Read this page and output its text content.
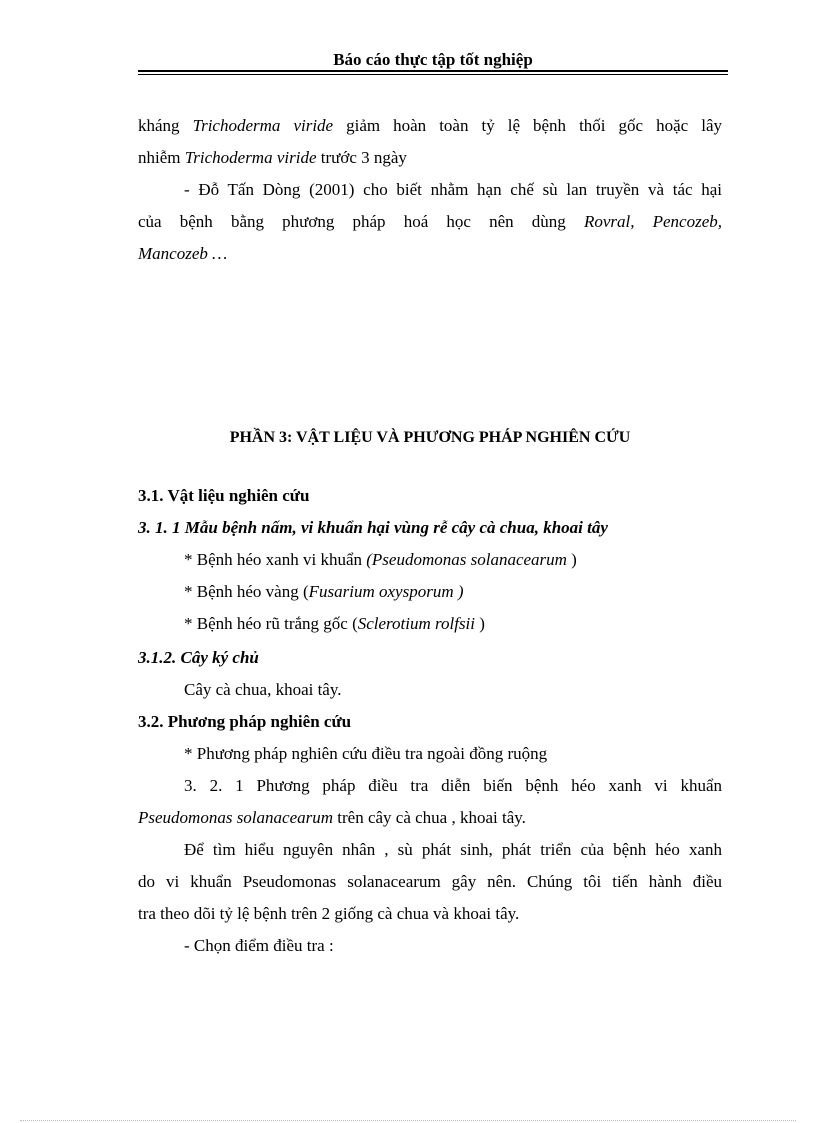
Báo cáo thực tập tốt nghiệp

kháng Trichoderma viride giảm hoàn toàn tỷ lệ bệnh thối gốc hoặc lây

nhiễm Trichoderma viride trước 3 ngày

- Đỗ Tấn Dòng (2001) cho biết nhằm hạn chế sù lan truyền và tác hại

của bệnh bằng phương pháp hoá học nên dùng Rovral, Pencozeb,

Mancozeb …

PHẦN 3: VẬT LIỆU VÀ PHƯƠNG PHÁP NGHIÊN CỨU

3.1. Vật liệu nghiên cứu

3. 1. 1 Mẫu bệnh nấm, vi khuẩn hại vùng rễ cây cà chua, khoai tây

* Bệnh héo xanh vi khuẩn (Pseudomonas solanacearum )

* Bệnh héo vàng (Fusarium oxysporum )

* Bệnh héo rũ trắng gốc (Sclerotium rolfsii )

3.1.2. Cây ký chủ

Cây cà chua, khoai tây.

3.2. Phương pháp nghiên cứu

* Phương pháp nghiên cứu điều tra ngoài đồng ruộng

3. 2. 1 Phương pháp điều tra diễn biến bệnh héo xanh vi khuẩn

Pseudomonas solanacearum trên cây cà chua , khoai tây.

Để tìm hiểu nguyên nhân , sù phát sinh, phát triển của bệnh héo xanh

do vi khuẩn Pseudomonas solanacearum gây nên. Chúng tôi tiến hành điều

tra theo dõi tỷ lệ bệnh trên 2 giống cà chua và khoai tây.

- Chọn điểm điều tra :
